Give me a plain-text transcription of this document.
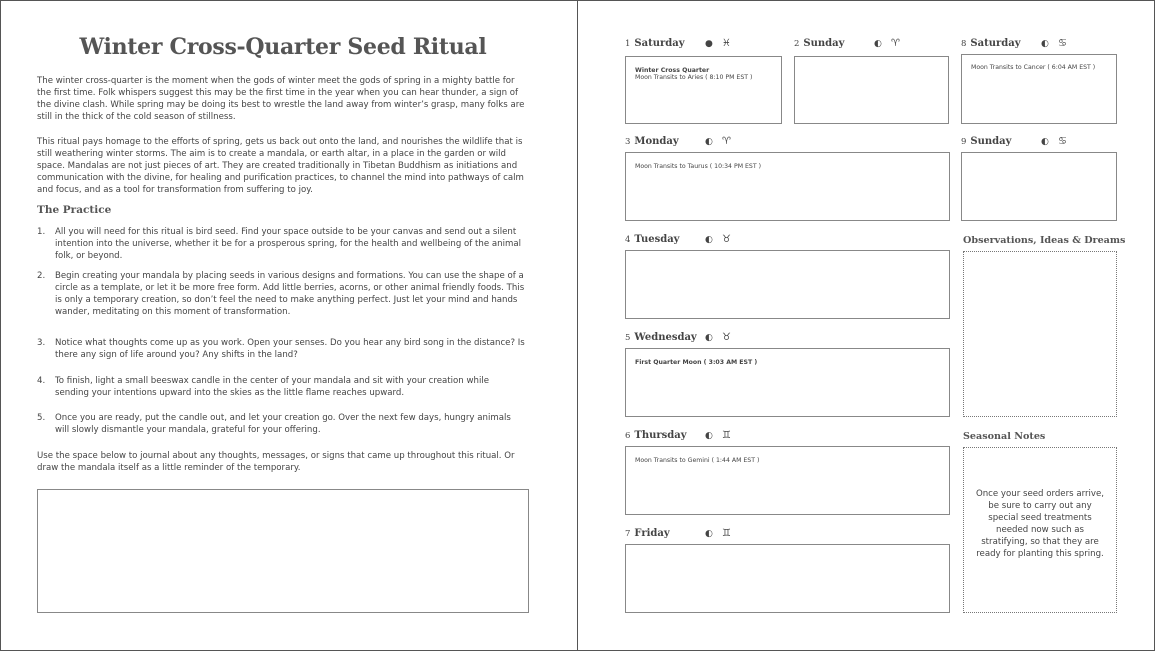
Winter Cross-Quarter Seed Ritual
The winter cross-quarter is the moment when the gods of winter meet the gods of spring in a mighty battle for the first time. Folk whispers suggest this may be the first time in the year when you can hear thunder, a sign of the divine clash. While spring may be doing its best to wrestle the land away from winter’s grasp, many folks are still in the thick of the cold season of stillness.
This ritual pays homage to the efforts of spring, gets us back out onto the land, and nourishes the wildlife that is still weathering winter storms. The aim is to create a mandala, or earth altar, in a place in the garden or wild space. Mandalas are not just pieces of art. They are created traditionally in Tibetan Buddhism as initiations and communication with the divine, for healing and purification practices, to channel the mind into pathways of calm and focus, and as a tool for transformation from suffering to joy.
The Practice
1. All you will need for this ritual is bird seed. Find your space outside to be your canvas and send out a silent intention into the universe, whether it be for a prosperous spring, for the health and wellbeing of the animal folk, or beyond.
2. Begin creating your mandala by placing seeds in various designs and formations. You can use the shape of a circle as a template, or let it be more free form. Add little berries, acorns, or other animal friendly foods. This is only a temporary creation, so don’t feel the need to make anything perfect. Just let your mind and hands wander, meditating on this moment of transformation.
3. Notice what thoughts come up as you work. Open your senses. Do you hear any bird song in the distance? Is there any sign of life around you? Any shifts in the land?
4. To finish, light a small beeswax candle in the center of your mandala and sit with your creation while sending your intentions upward into the skies as the little flame reaches upward.
5. Once you are ready, put the candle out, and let your creation go. Over the next few days, hungry animals will slowly dismantle your mandala, grateful for your offering.
Use the space below to journal about any thoughts, messages, or signs that came up throughout this ritual. Or draw the mandala itself as a little reminder of the temporary.
1 Saturday ● ♓
Winter Cross Quarter
Moon Transits to Aries ( 8:10 PM EST )
2 Sunday	◐ ♈	8 Saturday ◐ ♋
Moon Transits to Cancer ( 6:04 AM EST )
3 Monday	◐ ♈
Moon Transits to Taurus ( 10:34 PM EST )
9 Sunday	◐ ♋
4 Tuesday	◐ ♉	Observations, Ideas & Dreams
5 Wednesday ◐ ♉
First Quarter Moon ( 3:03 AM EST )
6 Thursday ◐ ♊
Moon Transits to Gemini ( 1:44 AM EST )
Seasonal Notes
Once your seed orders arrive, be sure to carry out any special seed treatments needed now such as stratifying, so that they are ready for planting this spring.
7 Friday	◐ ♊
